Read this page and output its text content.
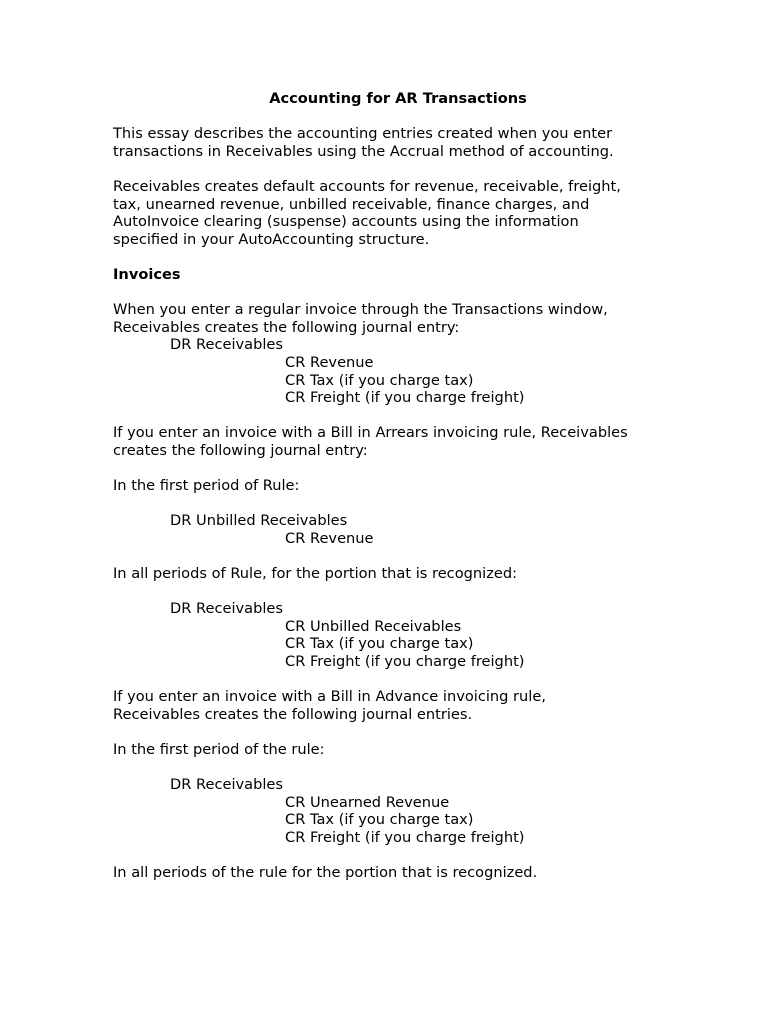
Accounting for AR Transactions
This essay describes the accounting entries created when you enter
transactions in Receivables using the Accrual method of accounting.
Receivables creates default accounts for revenue, receivable, freight,
tax, unearned revenue, unbilled receivable, finance charges, and
AutoInvoice clearing (suspense) accounts using the information
specified in your AutoAccounting structure.
Invoices
When you enter a regular invoice through the Transactions window,
Receivables creates the following journal entry:
DR Receivables
CR Revenue
CR Tax (if you charge tax)
CR Freight (if you charge freight)
If you enter an invoice with a Bill in Arrears invoicing rule, Receivables
creates the following journal entry:
In the first period of Rule:
DR Unbilled Receivables
CR Revenue
In all periods of Rule, for the portion that is recognized:
DR Receivables
CR Unbilled Receivables
CR Tax (if you charge tax)
CR Freight (if you charge freight)
If you enter an invoice with a Bill in Advance invoicing rule,
Receivables creates the following journal entries.
In the first period of the rule:
DR Receivables
CR Unearned Revenue
CR Tax (if you charge tax)
CR Freight (if you charge freight)
In all periods of the rule for the portion that is recognized.
